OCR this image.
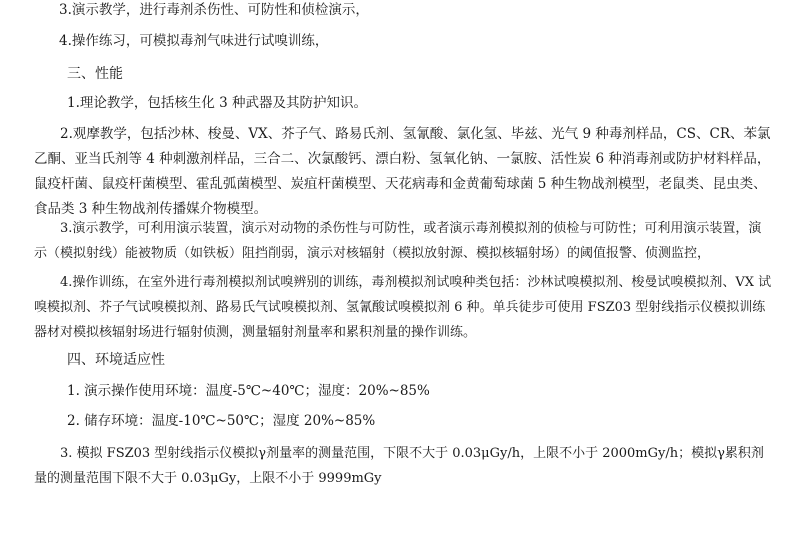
3.演示教学，进行毒剂杀伤性、可防性和侦检演示，
4.操作练习，可模拟毒剂气味进行试嗅训练，
三、性能
1.理论教学，包括核生化 3 种武器及其防护知识。
2.观摩教学，包括沙林、梭曼、VX、芥子气、路易氏剂、氢氰酸、氯化氢、毕兹、光气 9 种毒剂样品，CS、CR、苯氯乙酮、亚当氏剂等 4 种刺激剂样品，三合二、次氯酸钙、漂白粉、氢氧化钠、一氯胺、活性炭 6 种消毒剂或防护材料样品，鼠疫杆菌、鼠疫杆菌模型、霍乱弧菌模型、炭疽杆菌模型、天花病毒和金黄葡萄球菌 5 种生物战剂模型，老鼠类、昆虫类、食品类 3 种生物战剂传播媒介物模型。
3.演示教学，可利用演示装置，演示对动物的杀伤性与可防性，或者演示毒剂模拟剂的侦检与可防性；可利用演示装置，演示（模拟射线）能被物质（如铁板）阻挡削弱，演示对核辐射（模拟放射源、模拟核辐射场）的阈值报警、侦测监控，
4.操作训练，在室外进行毒剂模拟剂试嗅辨别的训练，毒剂模拟剂试嗅种类包括：沙林试嗅模拟剂、梭曼试嗅模拟剂、VX 试嗅模拟剂、芥子气试嗅模拟剂、路易氏气试嗅模拟剂、氢氰酸试嗅模拟剂 6 种。单兵徒步可使用 FSZ03 型射线指示仪模拟训练器材对模拟核辐射场进行辐射侦测，测量辐射剂量率和累积剂量的操作训练。
四、环境适应性
1. 演示操作使用环境：温度-5℃~40℃；湿度：20%~85%
2. 储存环境：温度-10℃~50℃；湿度 20%~85%
3. 模拟 FSZ03 型射线指示仪模拟γ剂量率的测量范围，下限不大于 0.03μGy/h，上限不小于 2000mGy/h；模拟γ累积剂量的测量范围下限不大于 0.03μGy，上限不小于 9999mGy
